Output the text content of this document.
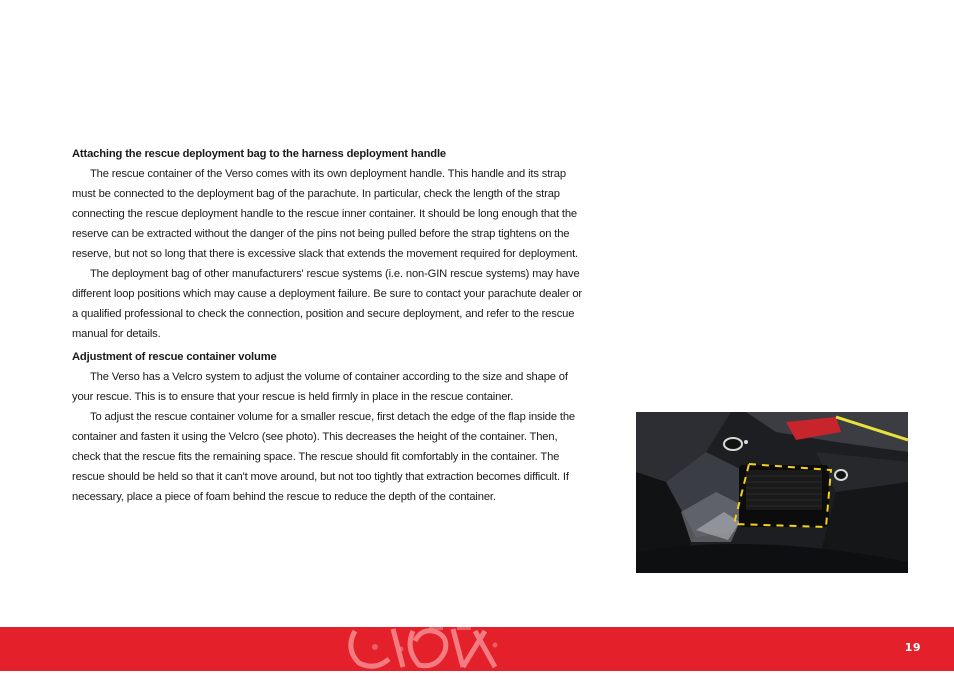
Attaching the rescue deployment bag to the harness deployment handle

The rescue container of the Verso comes with its own deployment handle. This handle and its strap must be connected to the deployment bag of the parachute. In particular, check the length of the strap connecting the rescue deployment handle to the rescue inner container. It should be long enough that the reserve can be extracted without the danger of the pins not being pulled before the strap tightens on the reserve, but not so long that there is excessive slack that extends the movement required for deployment.

The deployment bag of other manufacturers' rescue systems (i.e. non-GIN rescue systems) may have different loop positions which may cause a deployment failure. Be sure to contact your parachute dealer or a qualified professional to check the connection, position and secure deployment, and refer to the rescue manual for details.

Adjustment of rescue container volume

The Verso has a Velcro system to adjust the volume of container according to the size and shape of your rescue. This is to ensure that your rescue is held firmly in place in the rescue container.

To adjust the rescue container volume for a smaller rescue, first detach the edge of the flap inside the container and fasten it using the Velcro (see photo). This decreases the height of the container. Then, check that the rescue fits the remaining space. The rescue should fit comfortably in the container. The rescue should be held so that it can't move around, but not too tightly that extraction becomes difficult. If necessary, place a piece of foam behind the rescue to reduce the depth of the container.

19
